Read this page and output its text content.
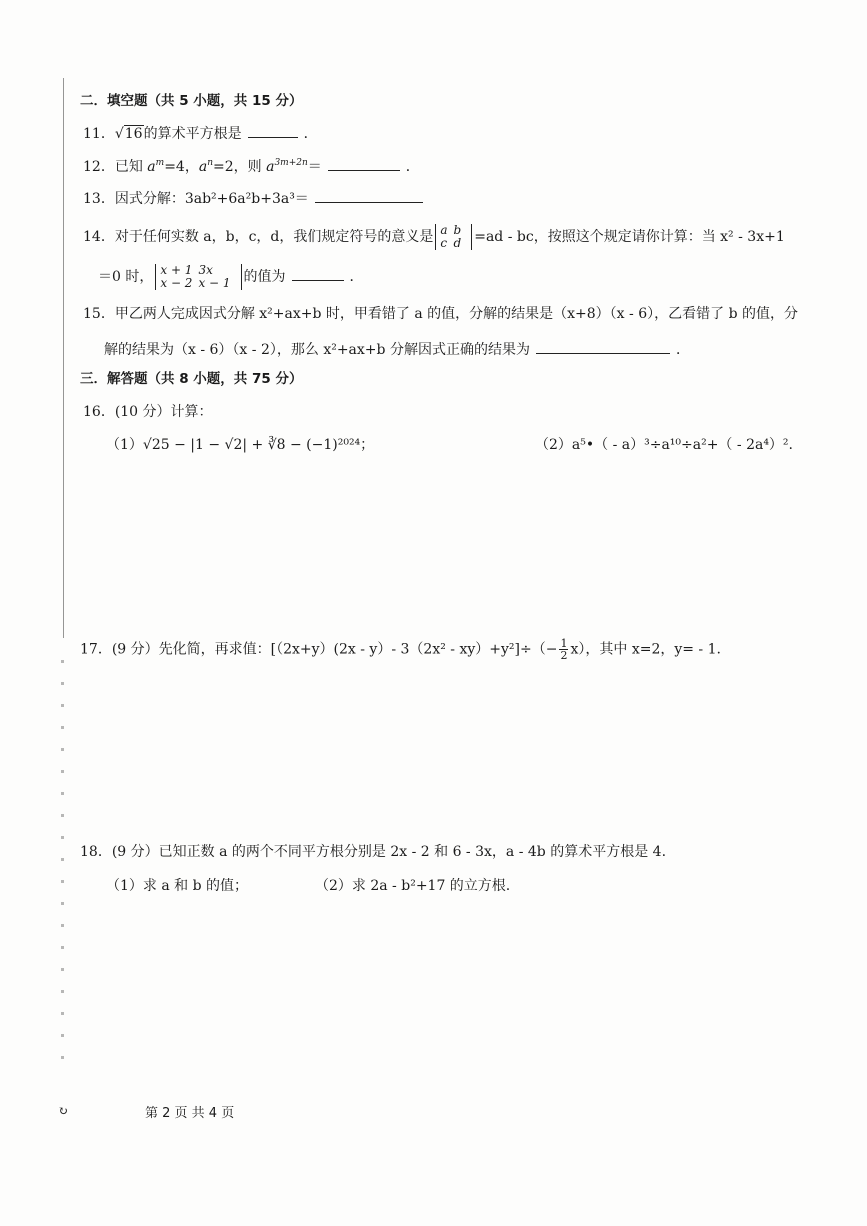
二．填空题（共 5 小题，共 15 分）
11．√16的算术平方根是	．
12．已知 $a^m=4$，$a^n=2$，则 $a^{3m+2n}=$	．
13．因式分解：3ab²+6a²b+3a³＝
14．对于任何实数 a，b，c，d，我们规定符号的意义是 a	b
c	d =ad - bc，按照这个规定请你计算：当 x² - 3x+1
＝0 时， x + 1	3x
x − 2	x − 1 的值为	．
15．甲乙两人完成因式分解 x²+ax+b 时，甲看错了 a 的值，分解的结果是（x+8）（x - 6），乙看错了 b 的值，分
解的结果为（x - 6）（x - 2），那么 x²+ax+b 分解因式正确的结果为	．
三．解答题（共 8 小题，共 75 分）
16．(10 分）计算：
（1）√25 − |1 − √2| + ∛8 − (−1)²⁰²⁴；	（2）a⁵•（ - a）³÷a¹⁰÷a²+（ - 2a⁴）².
17．(9 分）先化简，再求值：[（2x+y）(2x - y）- $3(2x^2 - xy)+y^2]\div(- \frac{1}{2} x)$，其中 x=2，y= - 1.
18．(9 分）已知正数 a 的两个不同平方根分别是 2x - 2 和 6 - 3x，a - 4b 的算术平方根是 4.
（1）求 a 和 b 的值；	（2）求 2a - b²+17 的立方根.
↻	第 2 页 共 4 页
